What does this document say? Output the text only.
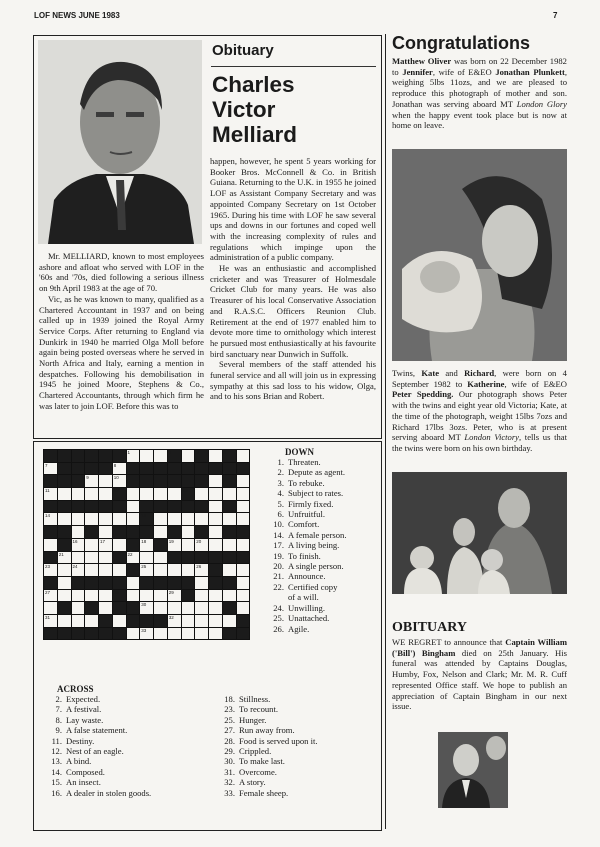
LOF NEWS JUNE 1983	7
Obituary
Charles
Victor
Melliard

Mr. MELLIARD, known to most employees ashore and afloat who served with LOF in the '60s and '70s, died following a serious illness on 9th April 1983 at the age of 70.

Vic, as he was known to many, qualified as a Chartered Accountant in 1937 and on being called up in 1939 joined the Royal Army Service Corps. After returning to England via Dunkirk in 1940 he married Olga Moll before again being posted overseas where he served in North Africa and Italy, earning a mention in despatches. Following his demobilisation in 1945 he joined Moore, Stephens & Co., Chartered Accountants, through which firm he was later to join LOF. Before this was to

happen, however, he spent 5 years working for Booker Bros. McConnell & Co. in British Guiana. Returning to the U.K. in 1955 he joined LOF as Assistant Company Secretary and was appointed Company Secretary on 1st October 1965. During his time with LOF he saw several ups and downs in our fortunes and coped well with the increasing complexity of rules and regulations which impinge upon the administration of a public company.

He was an enthusiastic and accomplished cricketer and was Treasurer of Holmesdale Cricket Club for many years. He was also Treasurer of his local Conservative Association and R.A.S.C. Officers Reunion Club. Retirement at the end of 1977 enabled him to devote more time to ornithology which interest he pursued most enthusiastically at his favourite bird sanctuary near Dunwich in Suffolk.

Several members of the staff attended his funeral service and all will join us in expressing sympathy at this sad loss to his widow, Olga, and to his sons Brian and Robert.

Congratulations

Matthew Oliver was born on 22 December 1982 to Jennifer, wife of E&EO Jonathan Plunkett, weighing 5lbs 11ozs, and we are pleased to reproduce this photograph of mother and son. Jonathan was serving aboard MT London Glory when the happy event took place but is now at home on leave.

Twins, Kate and Richard, were born on 4 September 1982 to Katherine, wife of E&EO Peter Spedding. Our photograph shows Peter with the twins and eight year old Victoria; Kate, at the time of the photograph, weight 15lbs 7ozs and Richard 17lbs 3ozs. Peter, who is at present serving aboard MT London Victory, tells us that the twins were born on his own birthday.

OBITUARY

WE REGRET to announce that Captain William ('Bill') Bingham died on 25th January. His funeral was attended by Captains Douglas, Humby, Fox, Nelson and Clark; Mr. M. R. Cuff represented Office staff. We hope to publish an appreciation of Captain Bingham in our next issue.

						1			2		3		4	

7					8									

			9		10									

11					12					13				

14							15							

		16		17			18		19		20			

	21					22								

23		24					25				26			

27					28				29					

							30							

31									32					

							33							

DOWN
1. Threaten.
2. Depute as agent.
3. To rebuke.
4. Subject to rates.
5. Firmly fixed.
6. Unfruitful.
10. Comfort.
14. A female person.
17. A living being.
19. To finish.
20. A single person.
21. Announce.
22. Certified copy
of a will.
24. Unwilling.
25. Unattached.
26. Agile.
ACROSS
2. Expected.
7. A festival.
8. Lay waste.
9. A false statement.
11. Destiny.
12. Nest of an eagle.
13. A bind.
14. Composed.
15. An insect.
16. A dealer in stolen goods.
18. Stillness.
23. To recount.
25. Hunger.
27. Run away from.
28. Food is served upon it.
29. Crippled.
30. To make last.
31. Overcome.
32. A story.
33. Female sheep.
